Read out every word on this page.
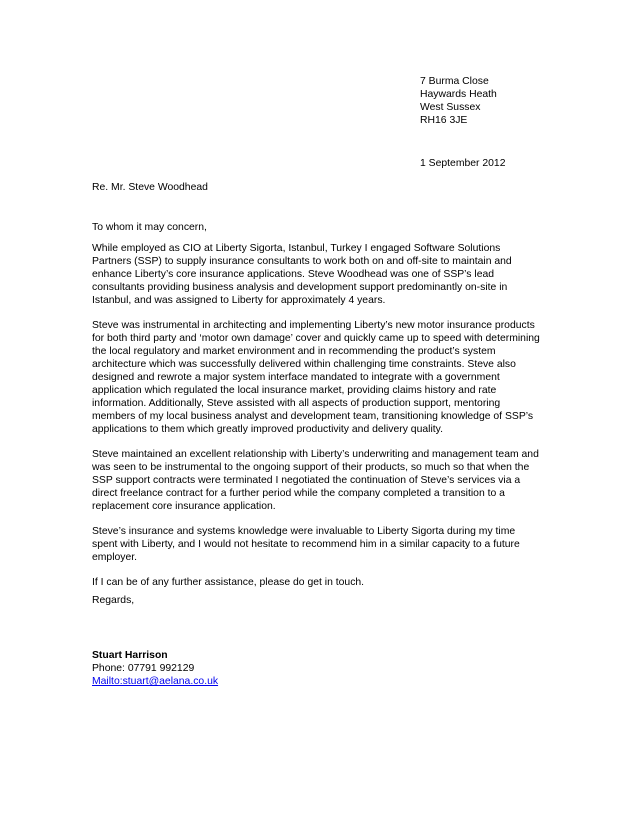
7 Burma Close
Haywards Heath
West Sussex
RH16 3JE
1 September 2012
Re. Mr. Steve Woodhead
To whom it may concern,
While employed as CIO at Liberty Sigorta, Istanbul, Turkey I engaged Software Solutions
Partners (SSP) to supply insurance consultants to work both on and off-site to maintain and
enhance Liberty’s core insurance applications. Steve Woodhead was one of SSP’s lead
consultants providing business analysis and development support predominantly on-site in
Istanbul, and was assigned to Liberty for approximately 4 years.
Steve was instrumental in architecting and implementing Liberty’s new motor insurance products
for both third party and ‘motor own damage’ cover and quickly came up to speed with determining
the local regulatory and market environment and in recommending the product’s system
architecture which was successfully delivered within challenging time constraints. Steve also
designed and rewrote a major system interface mandated to integrate with a government
application which regulated the local insurance market, providing claims history and rate
information. Additionally, Steve assisted with all aspects of production support, mentoring
members of my local business analyst and development team, transitioning knowledge of SSP’s
applications to them which greatly improved productivity and delivery quality.
Steve maintained an excellent relationship with Liberty’s underwriting and management team and
was seen to be instrumental to the ongoing support of their products, so much so that when the
SSP support contracts were terminated I negotiated the continuation of Steve’s services via a
direct freelance contract for a further period while the company completed a transition to a
replacement core insurance application.
Steve’s insurance and systems knowledge were invaluable to Liberty Sigorta during my time
spent with Liberty, and I would not hesitate to recommend him in a similar capacity to a future
employer.
If I can be of any further assistance, please do get in touch.
Regards,
Stuart Harrison
Phone: 07791 992129
Mailto:stuart@aelana.co.uk
